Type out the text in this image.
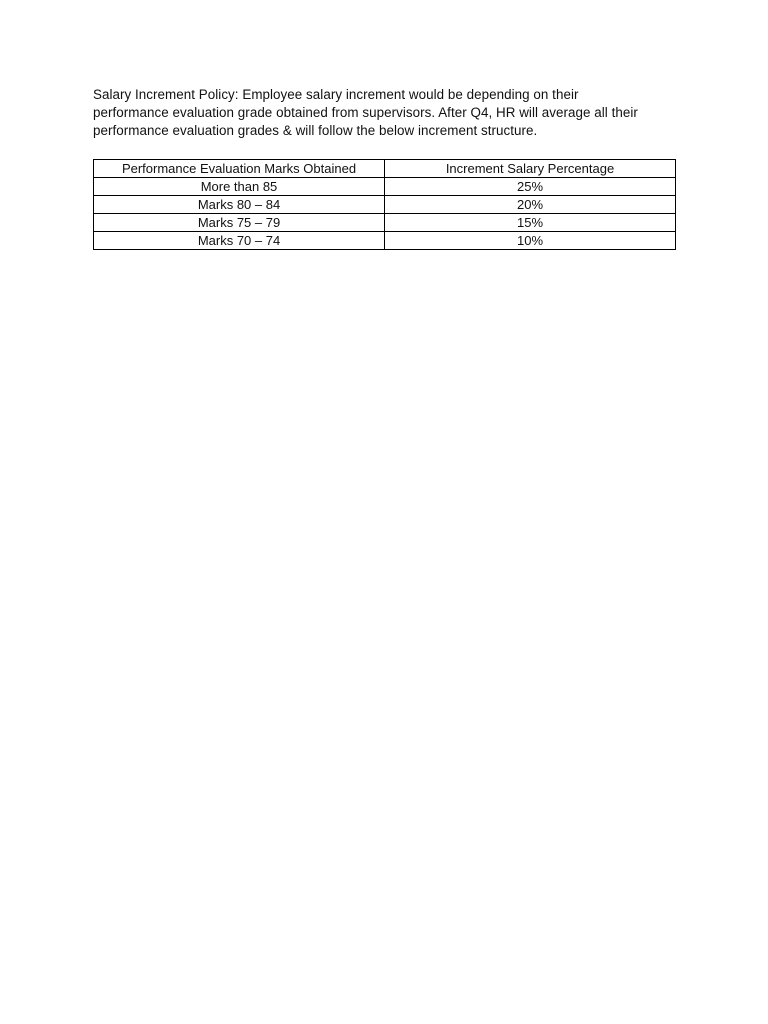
Salary Increment Policy: Employee salary increment would be depending on their
performance evaluation grade obtained from supervisors. After Q4, HR will average all their
performance evaluation grades & will follow the below increment structure.

Performance Evaluation Marks Obtained	Increment Salary Percentage
More than 85	25%
Marks 80 – 84	20%
Marks 75 – 79	15%
Marks 70 – 74	10%
